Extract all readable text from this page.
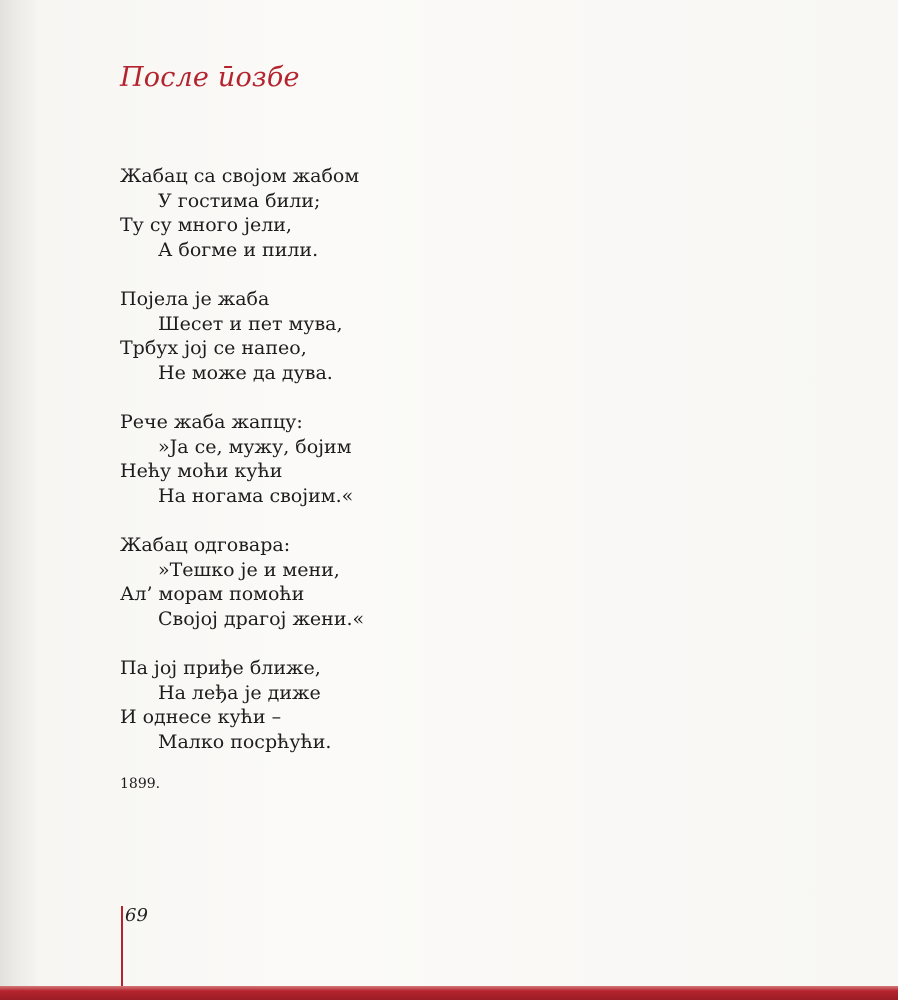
После ӣозбе
Жабац са својом жабом
У гостима били;
Ту су много јели,
А богме и пили.
Појела је жаба
Шесет и пет мува,
Трбух јој се напео,
Не може да дува.
Рече жаба жапцу:
»Ја се, мужу, бојим
Нећу моћи кући
На ногама својим.«
Жабац одговара:
»Тешко је и мени,
Ал’ морам помоћи
Својој драгој жени.«
Па јој приђе ближе,
На леђа је диже
И однесе кући –
Малко посрћући.
1899.
69
